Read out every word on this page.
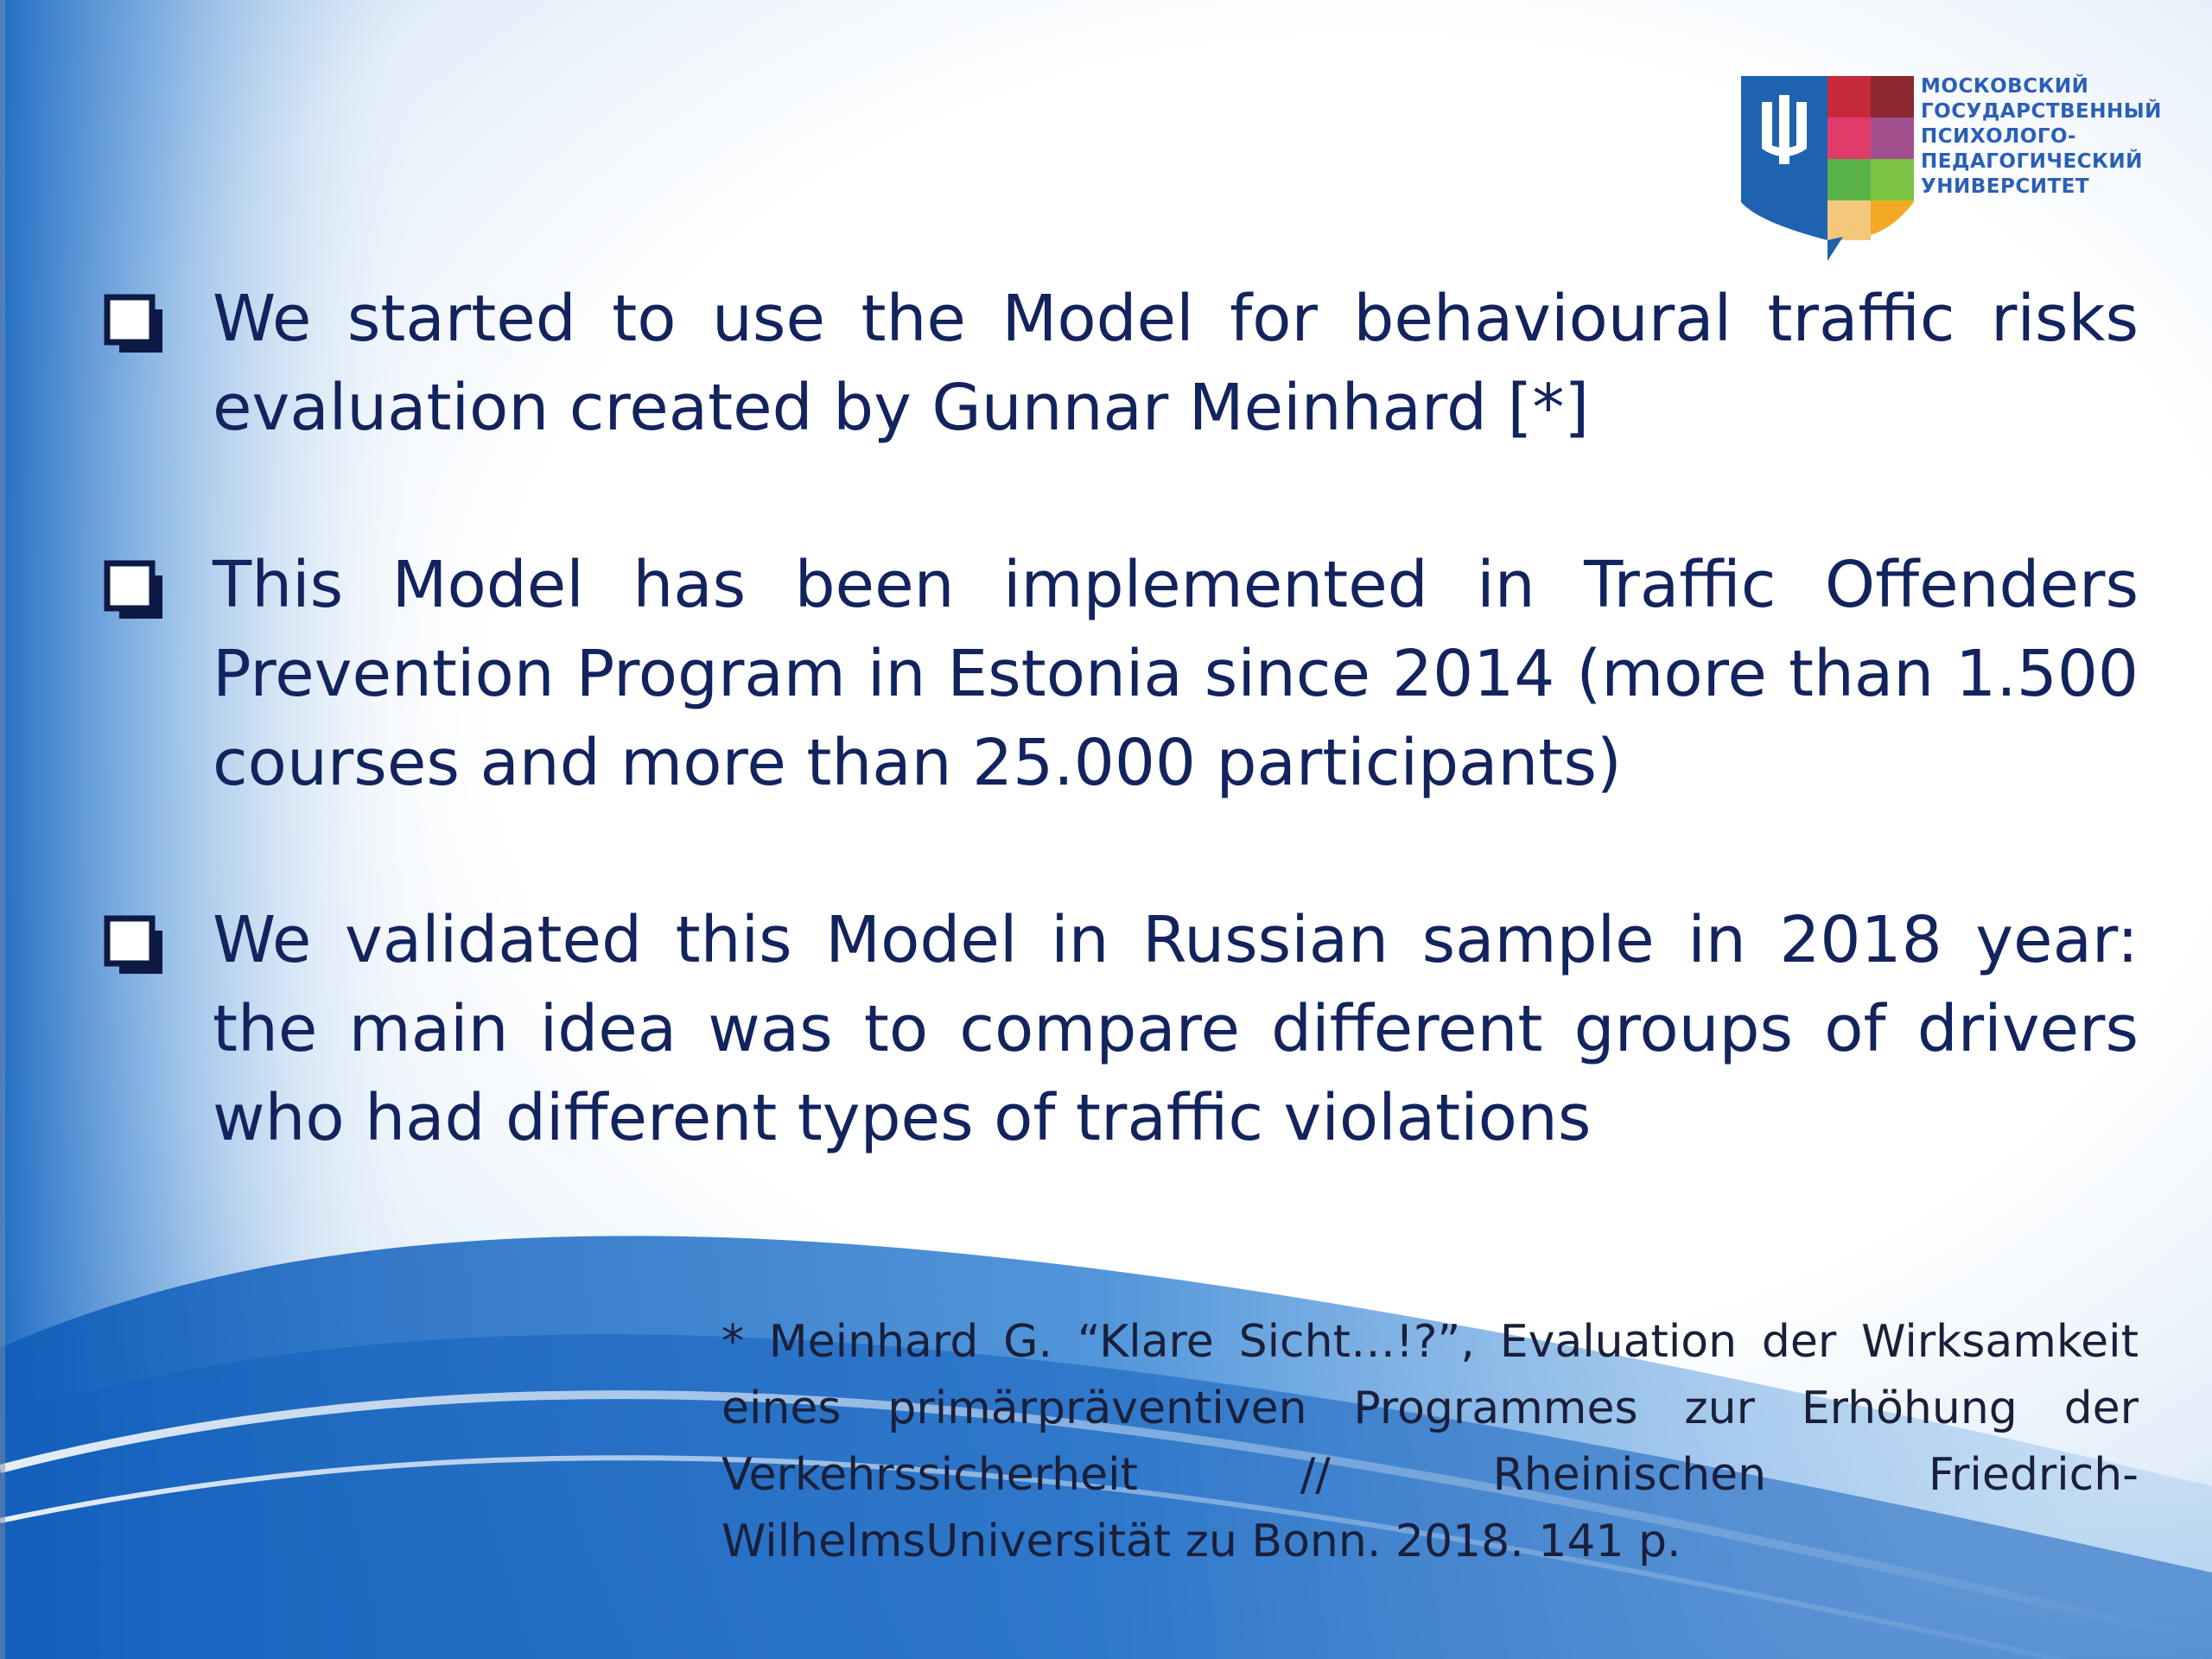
МОСКОВСКИЙ
ГОСУДАРСТВЕННЫЙ
ПСИХОЛОГО-
ПЕДАГОГИЧЕСКИЙ
УНИВЕРСИТЕТ
We started to use the Model for behavioural traffic risks evaluation created by Gunnar Meinhard [*]
This Model has been implemented in Traffic Offenders Prevention Program in Estonia since 2014 (more than 1.500 courses and more than 25.000 participants)
We validated this Model in Russian sample in 2018 year: the main idea was to compare different groups of drivers who had different types of traffic violations
* Meinhard G. “Klare Sicht…!?”, Evaluation der Wirksamkeit eines primärpräventiven Programmes zur Erhöhung der Verkehrssicherheit // Rheinischen Friedrich-WilhelmsUniversität zu Bonn. 2018. 141 p.
